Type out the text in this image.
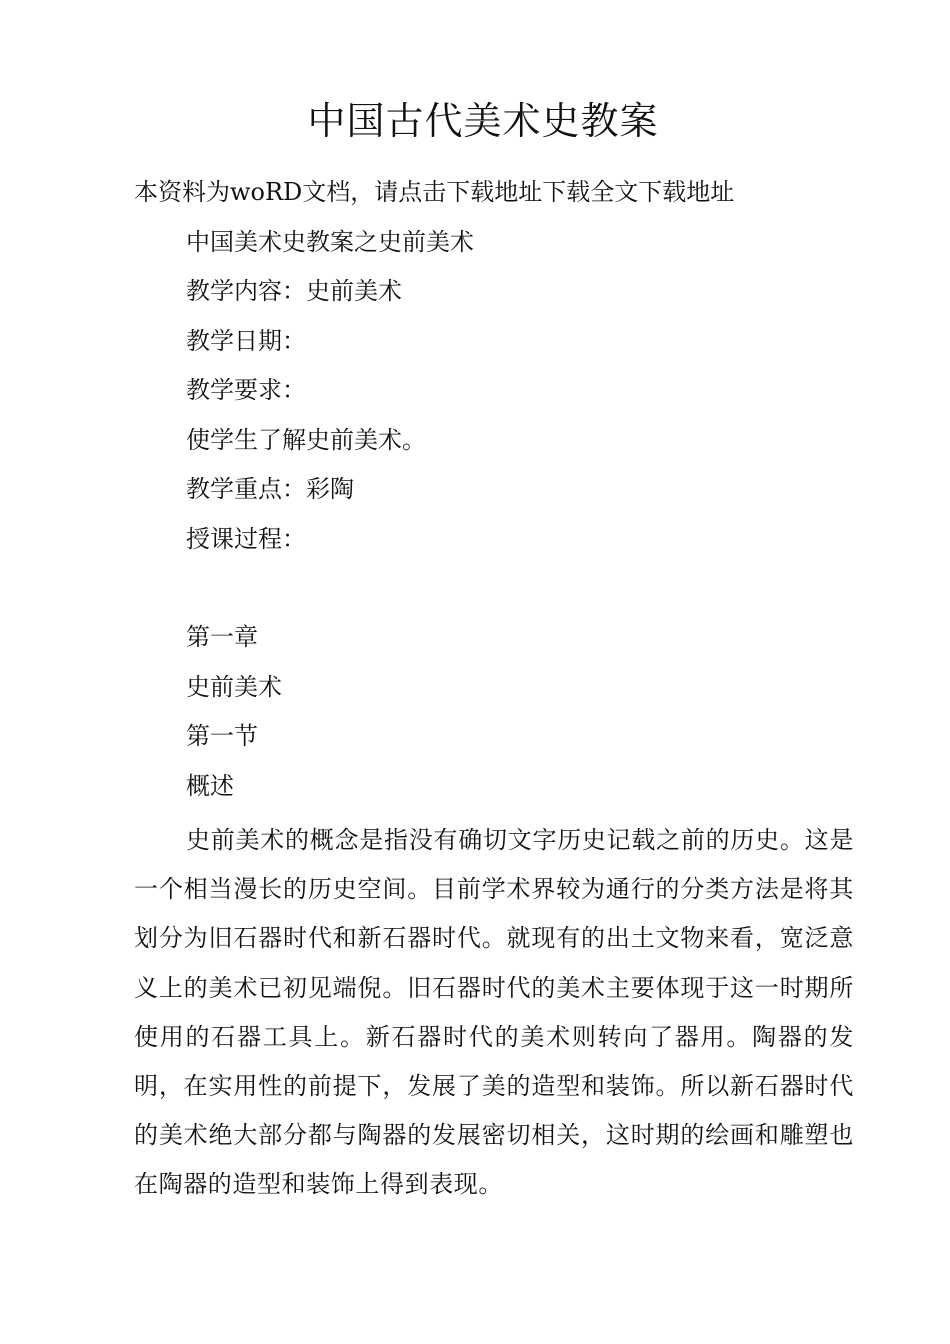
中国古代美术史教案

本资料为woRD文档，请点击下载地址下载全文下载地址

中国美术史教案之史前美术

教学内容：史前美术

教学日期：

教学要求：

使学生了解史前美术。

教学重点：彩陶

授课过程：

第一章

史前美术

第一节

概述

史前美术的概念是指没有确切文字历史记载之前的历史。这是一个相当漫长的历史空间。目前学术界较为通行的分类方法是将其划分为旧石器时代和新石器时代。就现有的出土文物来看，宽泛意义上的美术已初见端倪。旧石器时代的美术主要体现于这一时期所使用的石器工具上。新石器时代的美术则转向了器用。陶器的发明，在实用性的前提下，发展了美的造型和装饰。所以新石器时代的美术绝大部分都与陶器的发展密切相关，这时期的绘画和雕塑也在陶器的造型和装饰上得到表现。
